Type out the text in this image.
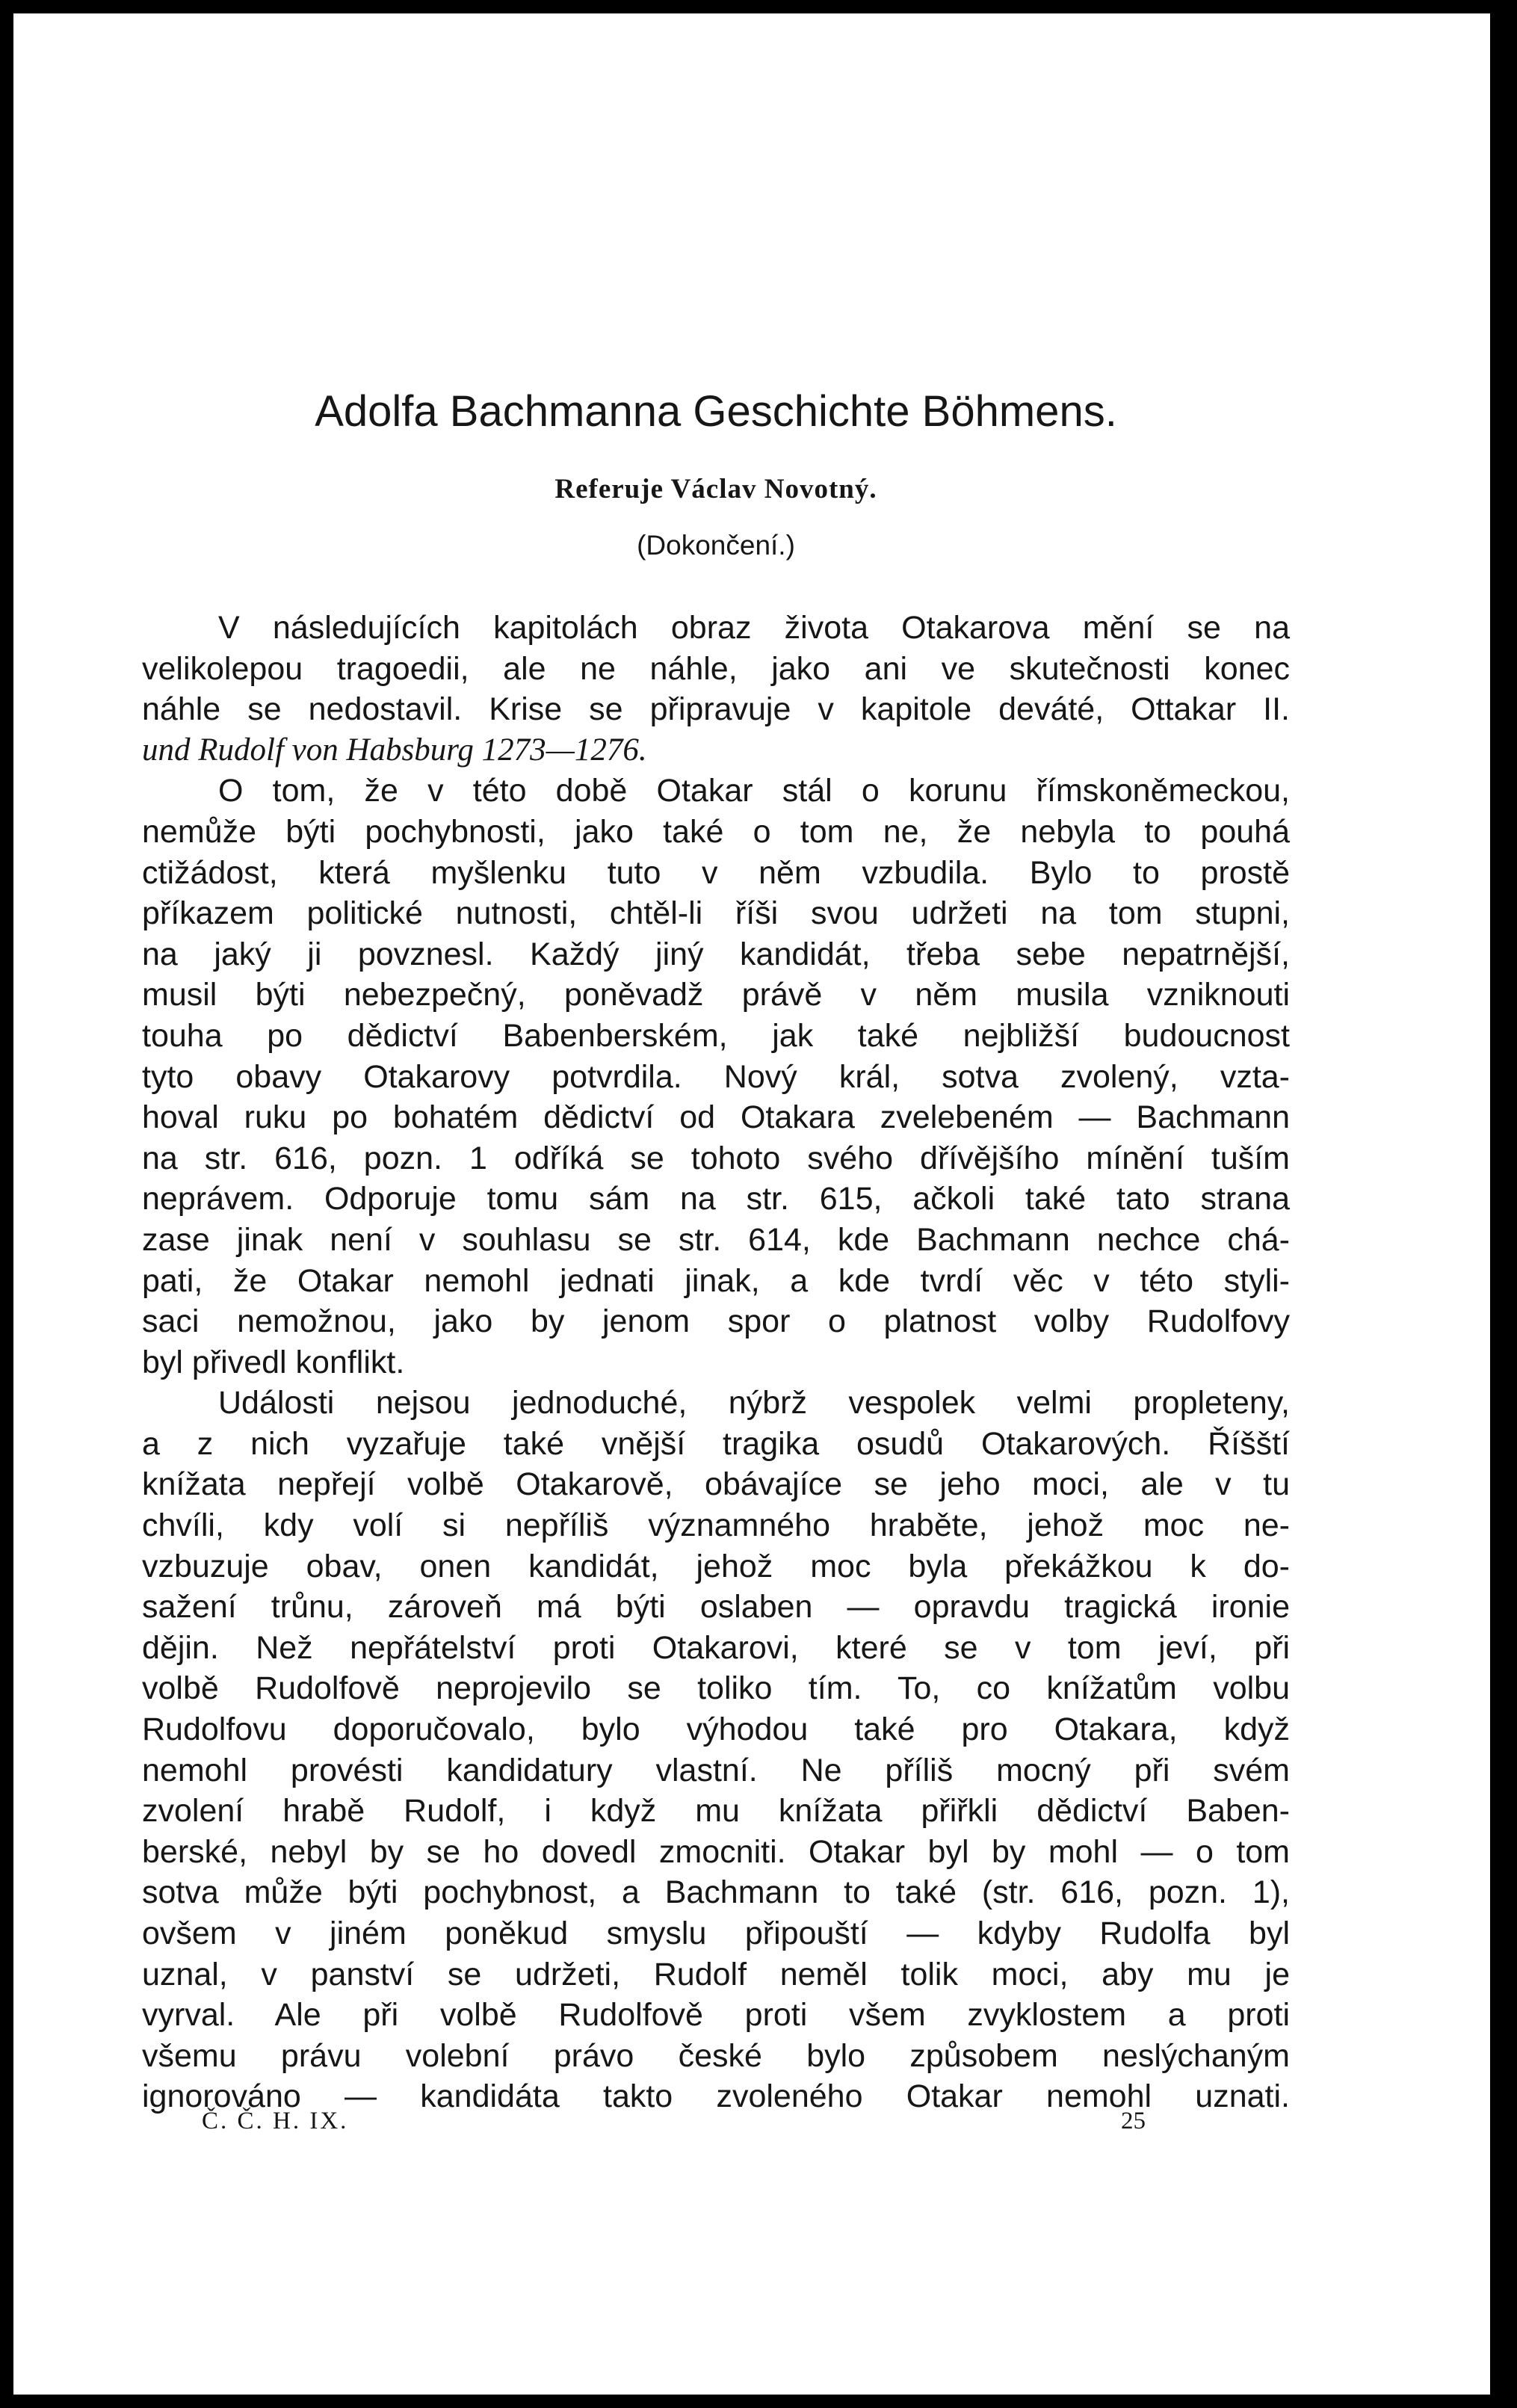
Adolfa Bachmanna Geschichte Böhmens.
Referuje Václav Novotný.
(Dokončení.)
V následujících kapitolách obraz života Otakarova mění se na
velikolepou tragoedii, ale ne náhle, jako ani ve skutečnosti konec
náhle se nedostavil. Krise se připravuje v kapitole deváté, Ottakar II.
und Rudolf von Habsburg 1273—1276.
O tom, že v této době Otakar stál o korunu římskoněmeckou,
nemůže býti pochybnosti, jako také o tom ne, že nebyla to pouhá
ctižádost, která myšlenku tuto v něm vzbudila. Bylo to prostě
příkazem politické nutnosti, chtěl-li říši svou udržeti na tom stupni,
na jaký ji povznesl. Každý jiný kandidát, třeba sebe nepatrnější,
musil býti nebezpečný, poněvadž právě v něm musila vzniknouti
touha po dědictví Babenberském, jak také nejbližší budoucnost
tyto obavy Otakarovy potvrdila. Nový král, sotva zvolený, vzta-
hoval ruku po bohatém dědictví od Otakara zvelebeném — Bachmann
na str. 616, pozn. 1 odříká se tohoto svého dřívějšího mínění tuším
neprávem. Odporuje tomu sám na str. 615, ačkoli také tato strana
zase jinak není v souhlasu se str. 614, kde Bachmann nechce chá-
pati, že Otakar nemohl jednati jinak, a kde tvrdí věc v této styli-
saci nemožnou, jako by jenom spor o platnost volby Rudolfovy
byl přivedl konflikt.
Události nejsou jednoduché, nýbrž vespolek velmi propleteny,
a z nich vyzařuje také vnější tragika osudů Otakarových. Říšští
knížata nepřejí volbě Otakarově, obávajíce se jeho moci, ale v tu
chvíli, kdy volí si nepříliš významného hraběte, jehož moc ne-
vzbuzuje obav, onen kandidát, jehož moc byla překážkou k do-
sažení trůnu, zároveň má býti oslaben — opravdu tragická ironie
dějin. Než nepřátelství proti Otakarovi, které se v tom jeví, při
volbě Rudolfově neprojevilo se toliko tím. To, co knížatům volbu
Rudolfovu doporučovalo, bylo výhodou také pro Otakara, když
nemohl provésti kandidatury vlastní. Ne příliš mocný při svém
zvolení hrabě Rudolf, i když mu knížata přiřkli dědictví Baben-
berské, nebyl by se ho dovedl zmocniti. Otakar byl by mohl — o tom
sotva může býti pochybnost, a Bachmann to také (str. 616, pozn. 1),
ovšem v jiném poněkud smyslu připouští — kdyby Rudolfa byl
uznal, v panství se udržeti, Rudolf neměl tolik moci, aby mu je
vyrval. Ale při volbě Rudolfově proti všem zvyklostem a proti
všemu právu volební právo české bylo způsobem neslýchaným
ignorováno — kandidáta takto zvoleného Otakar nemohl uznati.
Č. Č. H. IX.	25
